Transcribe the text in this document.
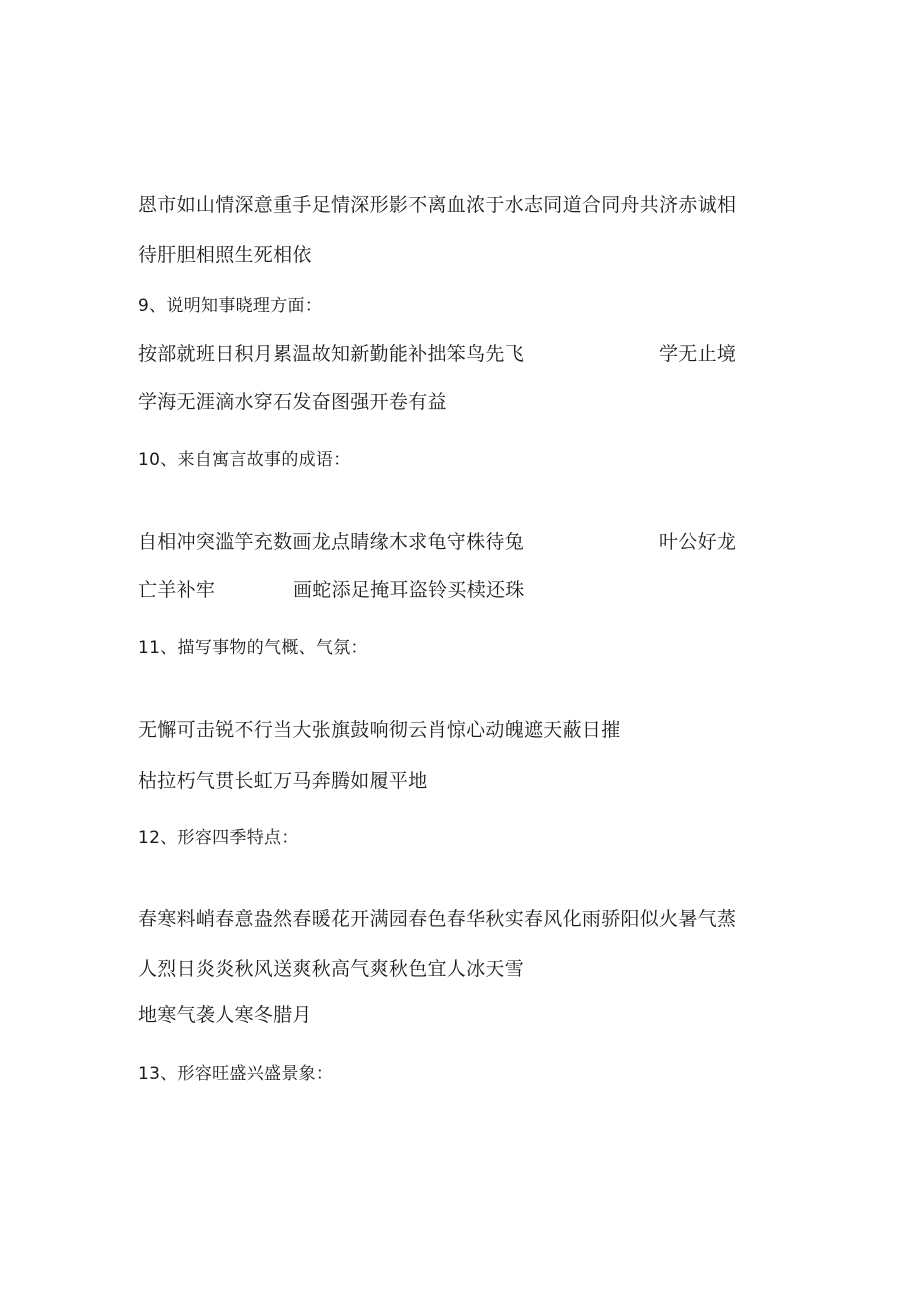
恩市如山情深意重手足情深形影不离血浓于水志同道合同舟共济赤诚相
待肝胆相照生死相依
9、说明知事晓理方面：
按部就班日积月累温故知新勤能补拙笨鸟先飞	学无止境
学海无涯滴水穿石发奋图强开卷有益
10、来自寓言故事的成语：
自相冲突滥竽充数画龙点睛缘木求龟守株待兔	叶公好龙
亡羊补牢	画蛇添足掩耳盗铃买椟还珠
11、描写事物的气概、气氛：
无懈可击锐不行当大张旗鼓响彻云肖惊心动魄遮天蔽日摧
枯拉朽气贯长虹万马奔腾如履平地
12、形容四季特点：
春寒料峭春意盎然春暖花开满园春色春华秋实春风化雨骄阳似火暑气蒸
人烈日炎炎秋风送爽秋高气爽秋色宜人冰天雪
地寒气袭人寒冬腊月
13、形容旺盛兴盛景象：
